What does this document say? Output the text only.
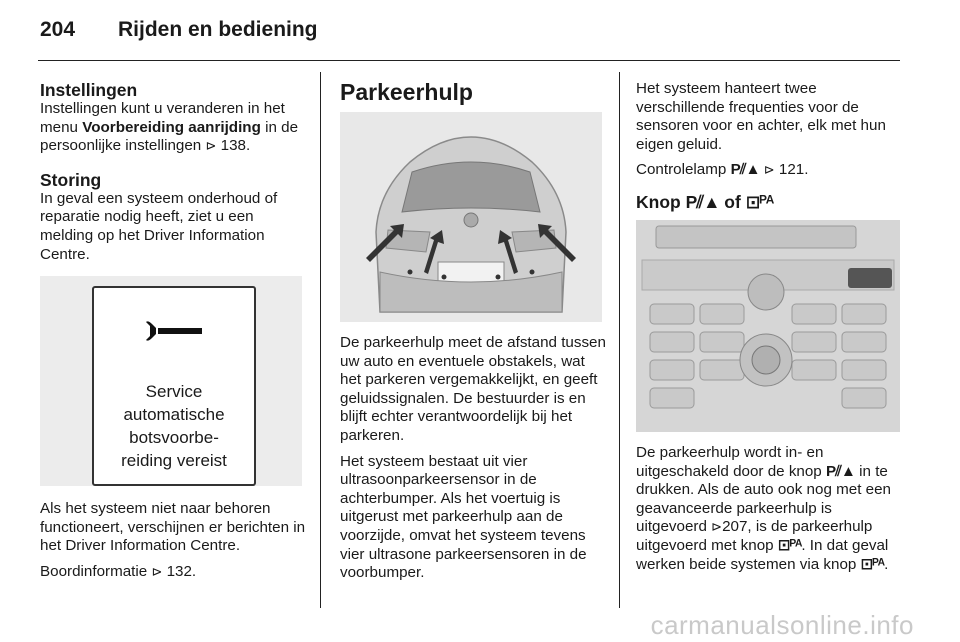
204 Rijden en bediening

Instellingen

Instellingen kunt u veranderen in het menu Voorbereiding aanrijding in de persoonlijke instellingen ⊳ 138.

Storing

In geval een systeem onderhoud of reparatie nodig heeft, ziet u een melding op het Driver Information Centre.

Service
automatische
botsvoorbe-
reiding vereist

Als het systeem niet naar behoren functioneert, verschijnen er berichten in het Driver Information Centre.

Boordinformatie ⊳ 132.

Parkeerhulp

De parkeerhulp meet de afstand tussen uw auto en eventuele obstakels, wat het parkeren vergemakkelijkt, en geeft geluidssignalen. De bestuurder is en blijft echter verantwoordelijk bij het parkeren.

Het systeem bestaat uit vier ultrasoonparkeersensor in de achterbumper. Als het voertuig is uitgerust met parkeerhulp aan de voorzijde, omvat het systeem tevens vier ultrasone parkeersensoren in de voorbumper.

Het systeem hanteert twee verschillende frequenties voor de sensoren voor en achter, elk met hun eigen geluid.

Controlelamp P⫽▲ ⊳ 121.

Knop P⫽▲ of ⊡ᴾᴬ

De parkeerhulp wordt in- en uitgeschakeld door de knop P⫽▲ in te drukken. Als de auto ook nog met een geavanceerde parkeerhulp is uitgevoerd ⊳207, is de parkeerhulp uitgevoerd met knop ⊡ᴾᴬ. In dat geval werken beide systemen via knop ⊡ᴾᴬ.

carmanualsonline.info
